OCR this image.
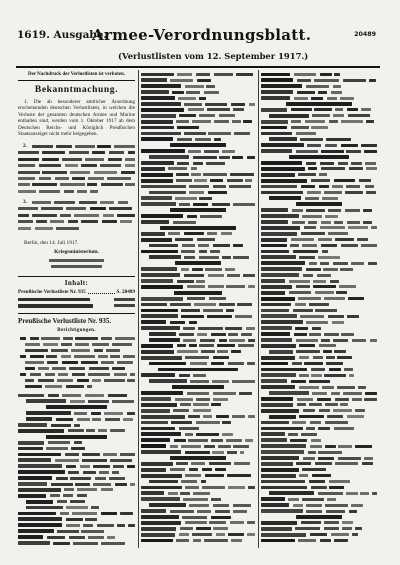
1619. Ausgabe.
Armee-Verordnungsblatt.
(Verlustlisten vom 12. September 1917.)
20489
Der Nachdruck der Verlustlisten ist verboten.
Bekanntmachung.
1. Die ab besonderer amtlicher Anordnung erscheinenden deutschen Verlustlisten, in welchen die Verluste der gesamten deutschen Armee und Marine enthalten sind, werden vom 1. Oktober 1917 ab dem Deutschen Reichs- und Königlich Preußischen Staatsanzeiger nicht mehr beigegeben.
2.
3.
Berlin, den 14. Juli 1917.
Kriegsministerium.
Inhalt:
Preußische Verlustliste Nr. 935	S. 20489
Preußische Verlustliste Nr. 935.
Berichtigungen.
